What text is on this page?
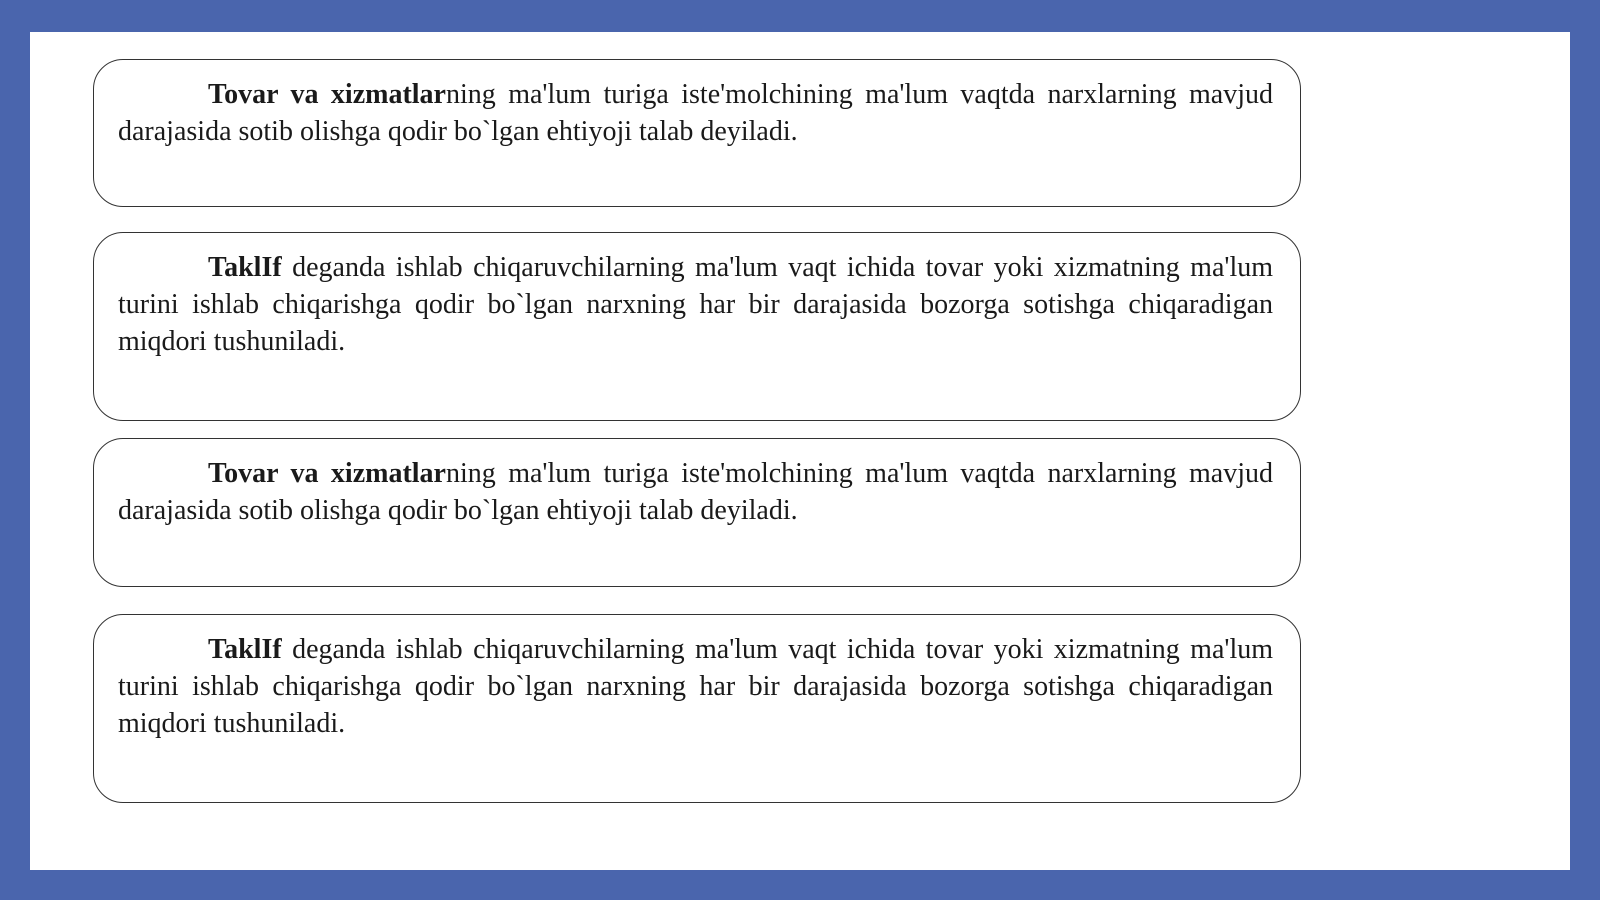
Tovar va xizmatlarning ma'lum turiga iste'molchining ma'lum vaqtda narxlarning mavjud darajasida sotib olishga qodir bo`lgan ehtiyoji talab deyiladi.

TaklIf deganda ishlab chiqaruvchilarning ma'lum vaqt ichida tovar yoki xizmatning ma'lum turini ishlab chiqarishga qodir bo`lgan narxning har bir darajasida bozorga sotishga chiqaradigan miqdori tushuniladi.

Tovar va xizmatlarning ma'lum turiga iste'molchining ma'lum vaqtda narxlarning mavjud darajasida sotib olishga qodir bo`lgan ehtiyoji talab deyiladi.

TaklIf deganda ishlab chiqaruvchilarning ma'lum vaqt ichida tovar yoki xizmatning ma'lum turini ishlab chiqarishga qodir bo`lgan narxning har bir darajasida bozorga sotishga chiqaradigan miqdori tushuniladi.
